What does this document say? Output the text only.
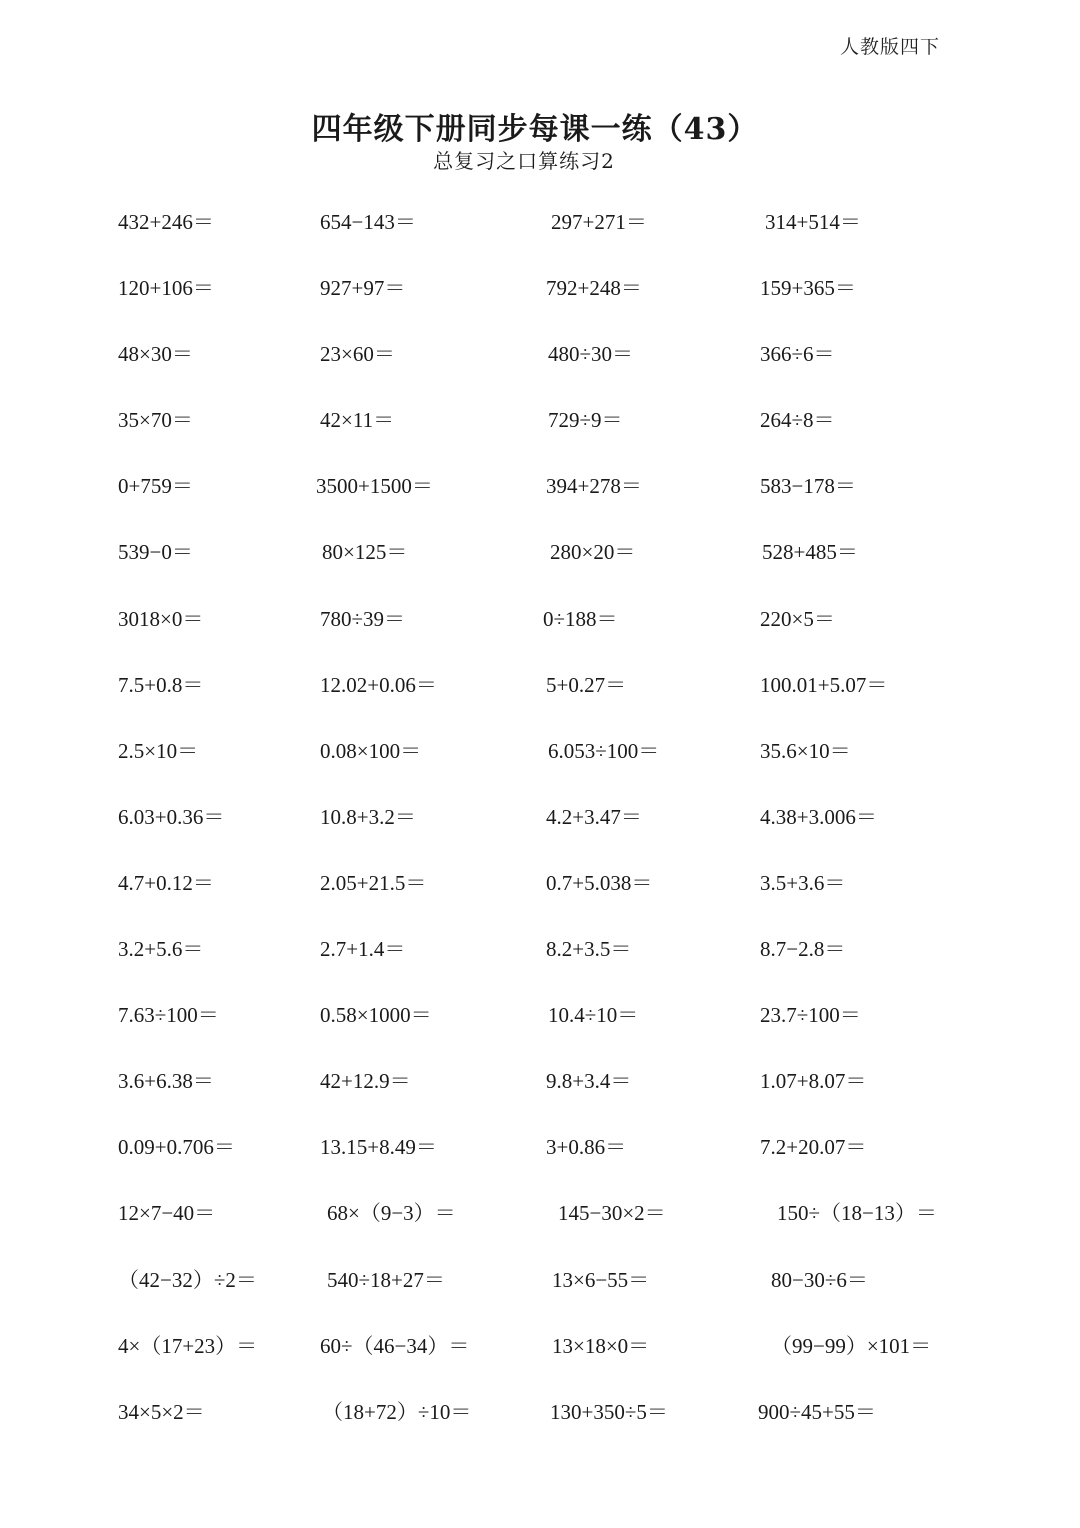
人教版四下
四年级下册同步每课一练（43）
总复习之口算练习2
432+246＝	654−143＝	297+271＝	314+514＝
120+106＝	927+97＝	792+248＝	159+365＝
48×30＝	23×60＝	480÷30＝	366÷6＝
35×70＝	42×11＝	729÷9＝	264÷8＝
0+759＝	3500+1500＝	394+278＝	583−178＝
539−0＝	80×125＝	280×20＝	528+485＝
3018×0＝	780÷39＝	0÷188＝	220×5＝
7.5+0.8＝	12.02+0.06＝	5+0.27＝	100.01+5.07＝
2.5×10＝	0.08×100＝	6.053÷100＝	35.6×10＝
6.03+0.36＝	10.8+3.2＝	4.2+3.47＝	4.38+3.006＝
4.7+0.12＝	2.05+21.5＝	0.7+5.038＝	3.5+3.6＝
3.2+5.6＝	2.7+1.4＝	8.2+3.5＝	8.7−2.8＝
7.63÷100＝	0.58×1000＝	10.4÷10＝	23.7÷100＝
3.6+6.38＝	42+12.9＝	9.8+3.4＝	1.07+8.07＝
0.09+0.706＝	13.15+8.49＝	3+0.86＝	7.2+20.07＝
12×7−40＝	68×（9−3）＝	145−30×2＝	150÷（18−13）＝
（42−32）÷2＝	540÷18+27＝	13×6−55＝	80−30÷6＝
4×（17+23）＝	60÷（46−34）＝	13×18×0＝	（99−99）×101＝
34×5×2＝	（18+72）÷10＝	130+350÷5＝	900÷45+55＝
